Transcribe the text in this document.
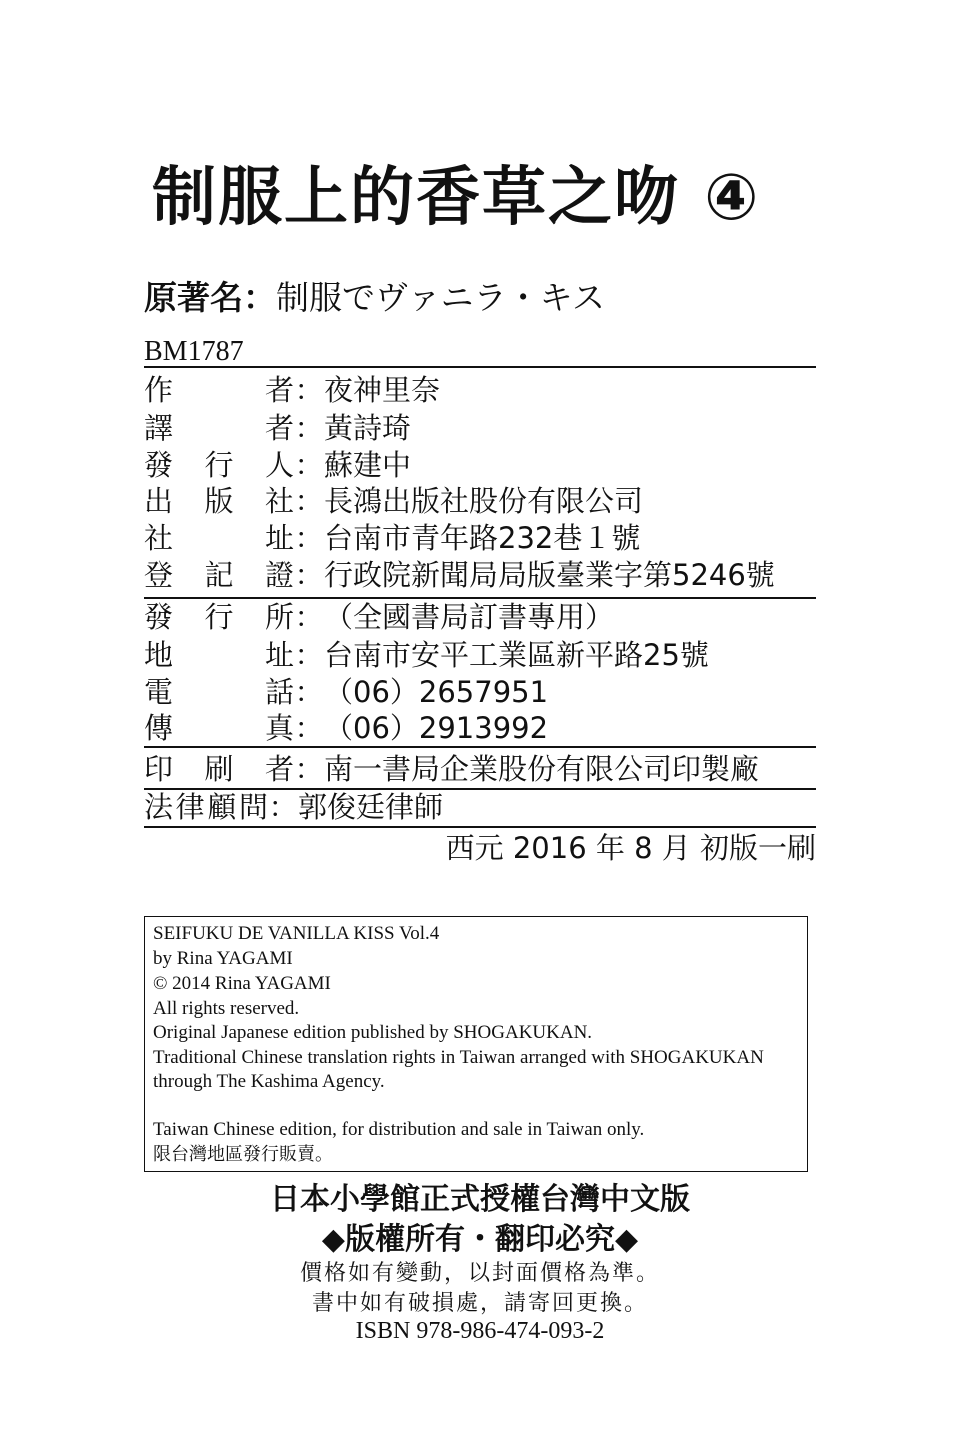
制服上的香草之吻 ④
原著名：制服でヴァニラ・キス
BM1787
作者：夜神里奈
譯者：黃詩琦
發行人：蘇建中
出版社：長鴻出版社股份有限公司
社址：台南市青年路232巷１號
登記證：行政院新聞局局版臺業字第5246號
發行所：（全國書局訂書專用）
地址：台南市安平工業區新平路25號
電話：（06）2657951
傳真：（06）2913992
印刷者：南一書局企業股份有限公司印製廠
法律顧問：郭俊廷律師
西元 2016 年 8 月 初版一刷
SEIFUKU DE VANILLA KISS Vol.4
by Rina YAGAMI
© 2014 Rina YAGAMI
All rights reserved.
Original Japanese edition published by SHOGAKUKAN.
Traditional Chinese translation rights in Taiwan arranged with SHOGAKUKAN
through The Kashima Agency.
Taiwan Chinese edition, for distribution and sale in Taiwan only.
限台灣地區發行販賣。
日本小學館正式授權台灣中文版
◆版權所有・翻印必究◆
價格如有變動，以封面價格為準。
書中如有破損處，請寄回更換。
ISBN 978-986-474-093-2
